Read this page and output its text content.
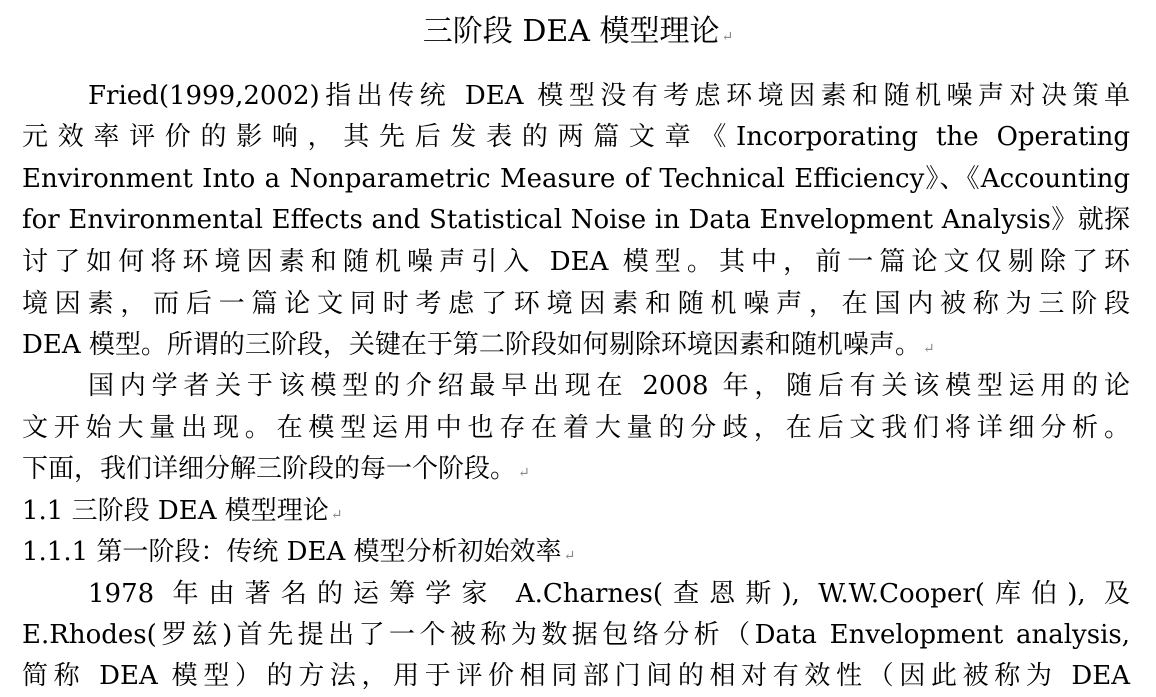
三阶段 DEA 模型理论 ↵
Fried(1999,2002)指出传统 DEA 模型没有考虑环境因素和随机噪声对决策单
元效率评价的影响，其先后发表的两篇文章《Incorporating the Operating
Environment Into a Nonparametric Measure of Technical Efficiency》、《Accounting
for Environmental Effects and Statistical Noise in Data Envelopment Analysis》就探
讨了如何将环境因素和随机噪声引入 DEA 模型。其中，前一篇论文仅剔除了环
境因素，而后一篇论文同时考虑了环境因素和随机噪声，在国内被称为三阶段
DEA 模型。所谓的三阶段，关键在于第二阶段如何剔除环境因素和随机噪声。 ↵
国内学者关于该模型的介绍最早出现在 2008 年，随后有关该模型运用的论
文开始大量出现。在模型运用中也存在着大量的分歧，在后文我们将详细分析。
下面，我们详细分解三阶段的每一个阶段。 ↵
1.1 三阶段 DEA 模型理论 ↵
1.1.1 第一阶段：传统 DEA 模型分析初始效率 ↵
1978 年由著名的运筹学家 A.Charnes(查恩斯), W.W.Cooper(库伯), 及
E.Rhodes(罗兹)首先提出了一个被称为数据包络分析（Data Envelopment analysis,
简称 DEA 模型）的方法，用于评价相同部门间的相对有效性（因此被称为 DEA
